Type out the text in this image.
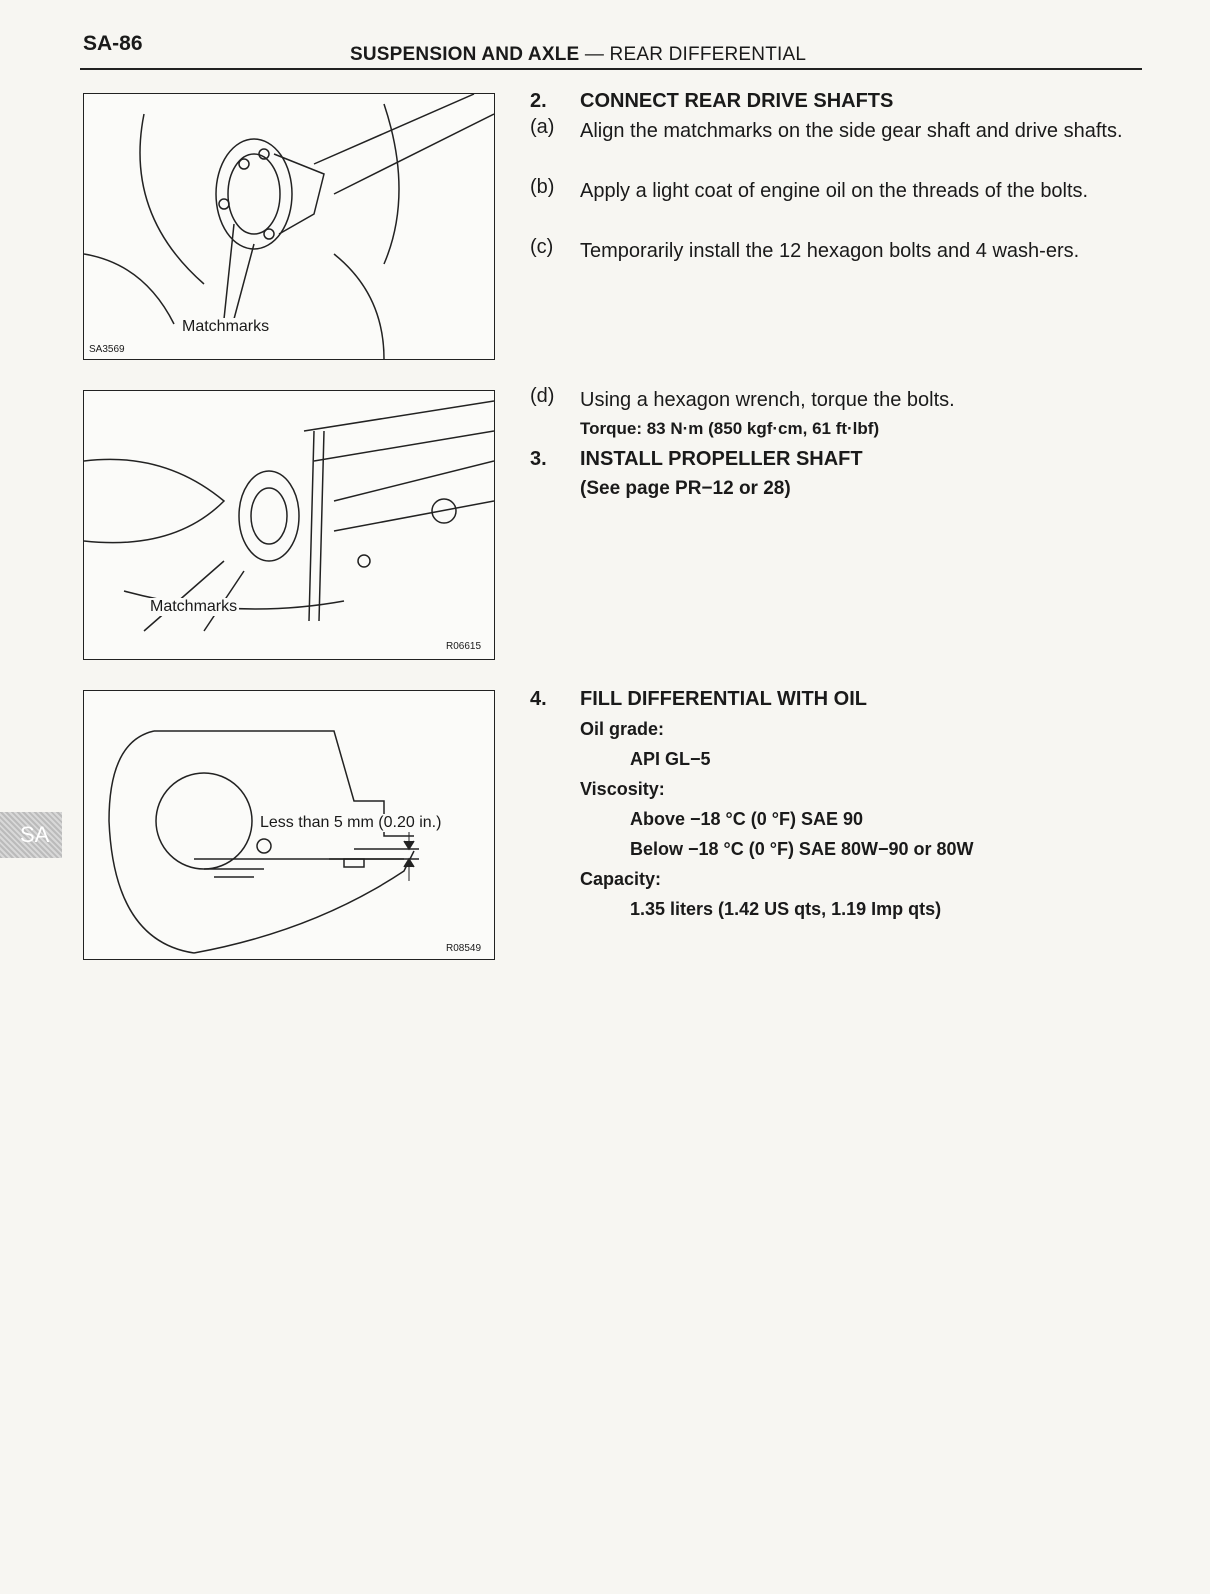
SA-86	SUSPENSION AND AXLE — REAR DIFFERENTIAL
SA
Matchmarks
SA3569
Matchmarks
R06615
Less than 5 mm (0.20 in.)
R08549
2. CONNECT REAR DRIVE SHAFTS
(a) Align the matchmarks on the side gear shaft and drive shafts.
(b) Apply a light coat of engine oil on the threads of the bolts.
(c) Temporarily install the 12 hexagon bolts and 4 wash-ers.
(d) Using a hexagon wrench, torque the bolts.
Torque: 83 N·m (850 kgf·cm, 61 ft·lbf)
3. INSTALL PROPELLER SHAFT
(See page PR−12 or 28)
4. FILL DIFFERENTIAL WITH OIL
Oil grade:
API GL−5
Viscosity:
Above −18 °C (0 °F) SAE 90
Below −18 °C (0 °F) SAE 80W−90 or 80W
Capacity:
1.35 liters (1.42 US qts, 1.19 Imp qts)
